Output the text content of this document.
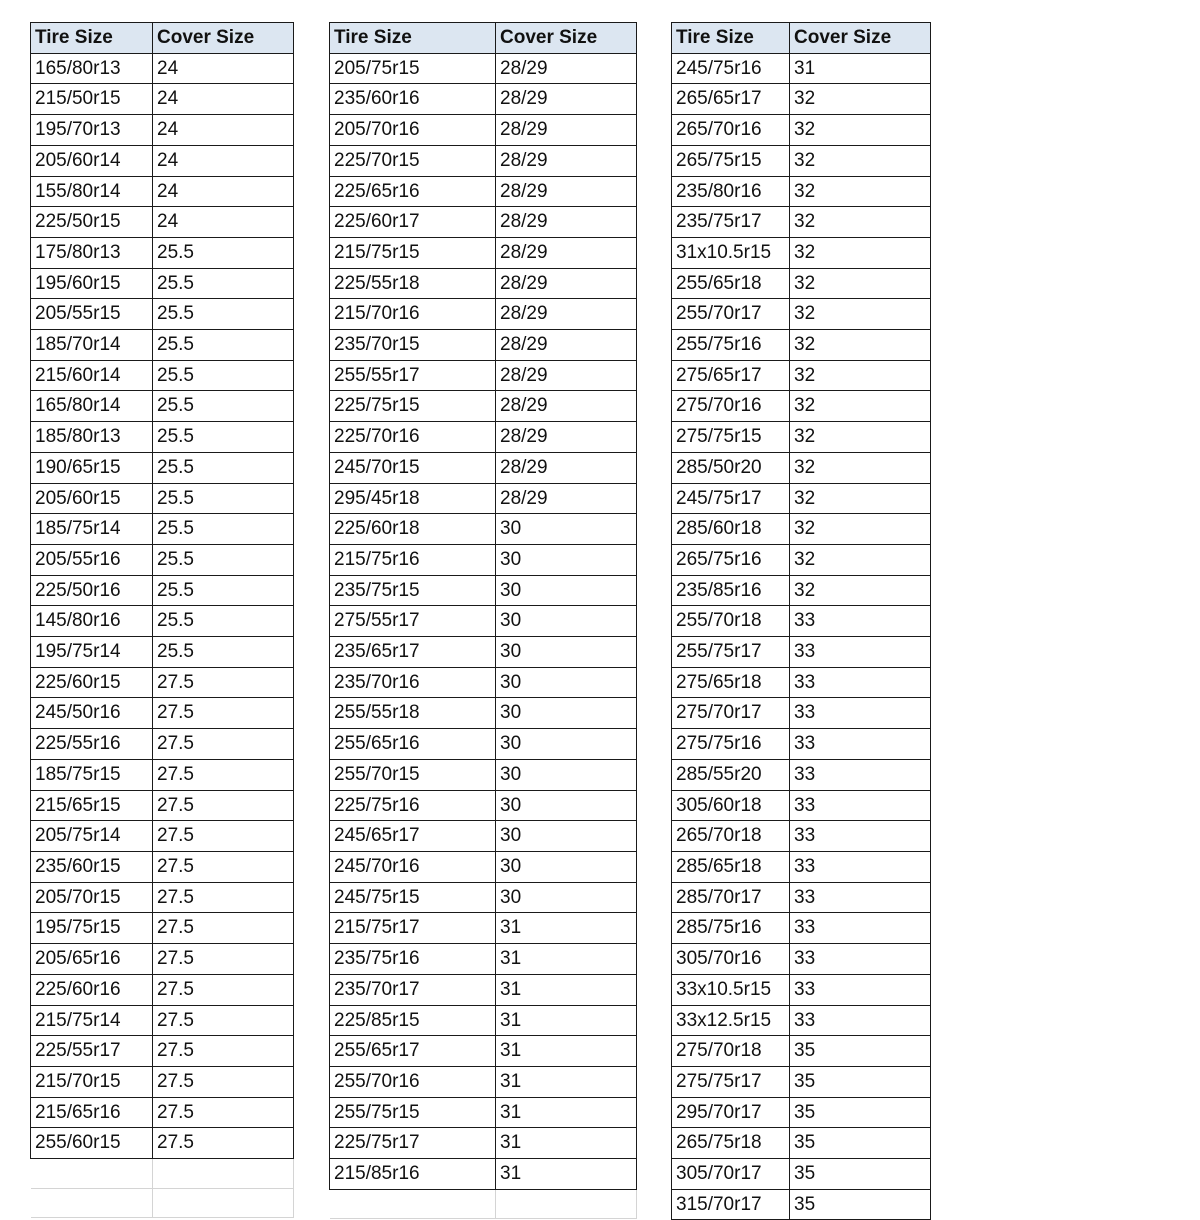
Tire Size	Cover Size
165/80r13	24
215/50r15	24
195/70r13	24
205/60r14	24
155/80r14	24
225/50r15	24
175/80r13	25.5
195/60r15	25.5
205/55r15	25.5
185/70r14	25.5
215/60r14	25.5
165/80r14	25.5
185/80r13	25.5
190/65r15	25.5
205/60r15	25.5
185/75r14	25.5
205/55r16	25.5
225/50r16	25.5
145/80r16	25.5
195/75r14	25.5
225/60r15	27.5
245/50r16	27.5
225/55r16	27.5
185/75r15	27.5
215/65r15	27.5
205/75r14	27.5
235/60r15	27.5
205/70r15	27.5
195/75r15	27.5
205/65r16	27.5
225/60r16	27.5
215/75r14	27.5
225/55r17	27.5
215/70r15	27.5
215/65r16	27.5
255/60r15	27.5

Tire Size	Cover Size
205/75r15	28/29
235/60r16	28/29
205/70r16	28/29
225/70r15	28/29
225/65r16	28/29
225/60r17	28/29
215/75r15	28/29
225/55r18	28/29
215/70r16	28/29
235/70r15	28/29
255/55r17	28/29
225/75r15	28/29
225/70r16	28/29
245/70r15	28/29
295/45r18	28/29
225/60r18	30
215/75r16	30
235/75r15	30
275/55r17	30
235/65r17	30
235/70r16	30
255/55r18	30
255/65r16	30
255/70r15	30
225/75r16	30
245/65r17	30
245/70r16	30
245/75r15	30
215/75r17	31
235/75r16	31
235/70r17	31
225/85r15	31
255/65r17	31
255/70r16	31
255/75r15	31
225/75r17	31
215/85r16	31

Tire Size	Cover Size
245/75r16	31
265/65r17	32
265/70r16	32
265/75r15	32
235/80r16	32
235/75r17	32
31x10.5r15	32
255/65r18	32
255/70r17	32
255/75r16	32
275/65r17	32
275/70r16	32
275/75r15	32
285/50r20	32
245/75r17	32
285/60r18	32
265/75r16	32
235/85r16	32
255/70r18	33
255/75r17	33
275/65r18	33
275/70r17	33
275/75r16	33
285/55r20	33
305/60r18	33
265/70r18	33
285/65r18	33
285/70r17	33
285/75r16	33
305/70r16	33
33x10.5r15	33
33x12.5r15	33
275/70r18	35
275/75r17	35
295/70r17	35
265/75r18	35
305/70r17	35
315/70r17	35
